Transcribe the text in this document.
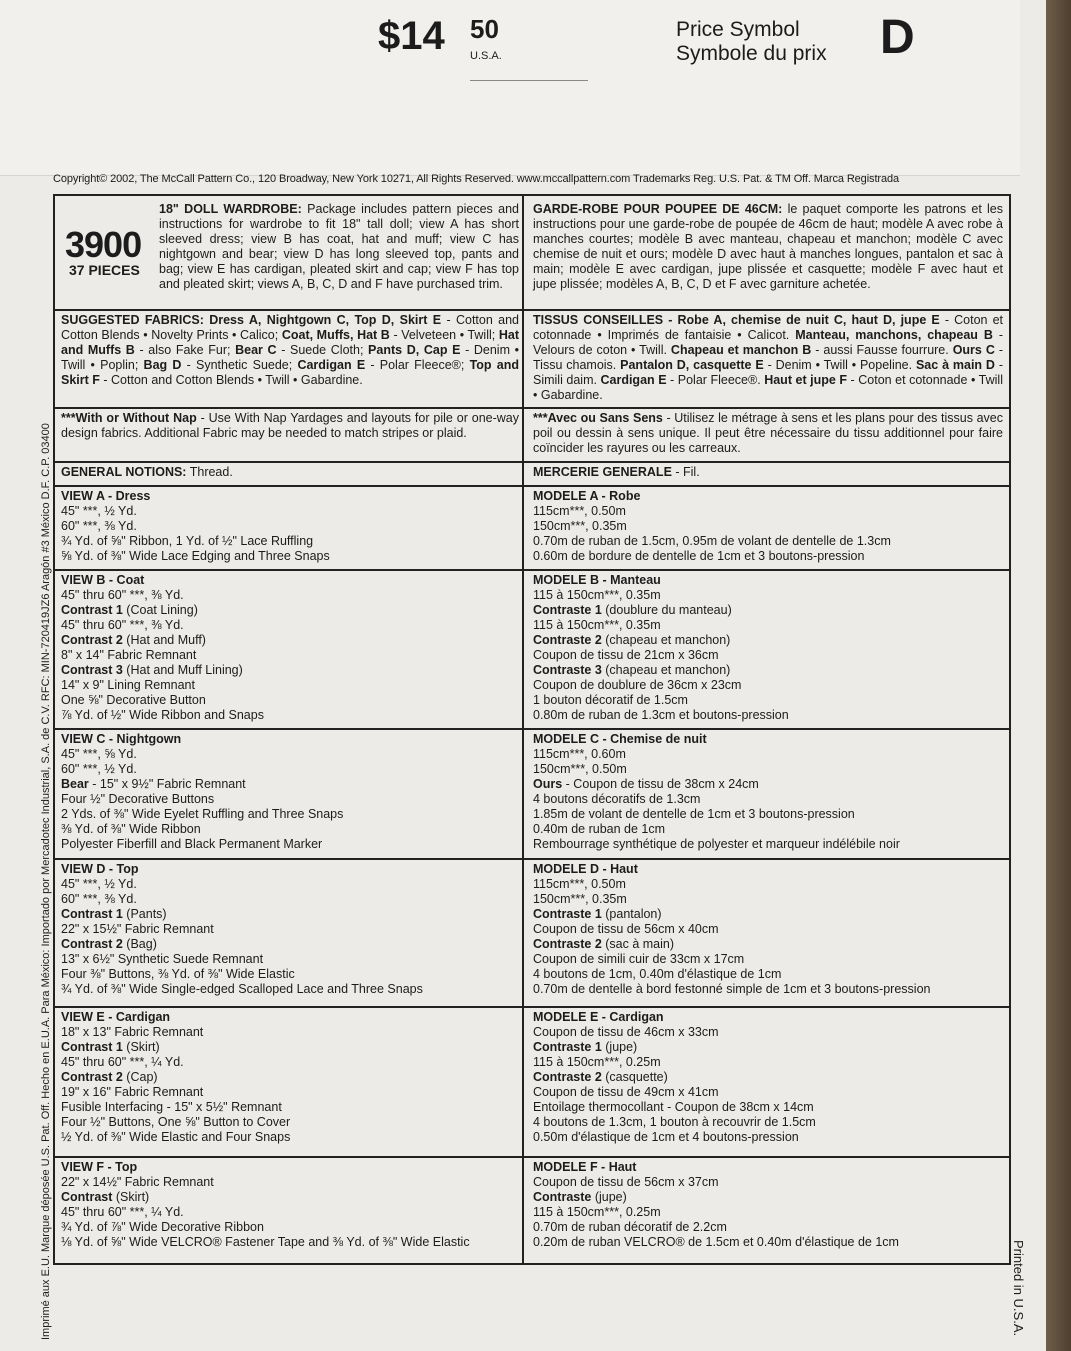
$14 50
U.S.A.
Price Symbol
Symbole du prix D
Copyright© 2002, The McCall Pattern Co., 120 Broadway, New York 10271, All Rights Reserved. www.mccallpattern.com Trademarks Reg. U.S. Pat. & TM Off. Marca Registrada
3900
37 PIECES
18" DOLL WARDROBE: Package includes pattern pieces and instructions for wardrobe to fit 18" tall doll; view A has short sleeved dress; view B has coat, hat and muff; view C has nightgown and bear; view D has long sleeved top, pants and bag; view E has cardigan, pleated skirt and cap; view F has top and pleated skirt; views A, B, C, D and F have purchased trim.
GARDE-ROBE POUR POUPEE DE 46CM: le paquet comporte les patrons et les instructions pour une garde-robe de poupée de 46cm de haut; modèle A avec robe à manches courtes; modèle B avec manteau, chapeau et manchon; modèle C avec chemise de nuit et ours; modèle D avec haut à manches longues, pantalon et sac à main; modèle E avec cardigan, jupe plissée et casquette; modèle F avec haut et jupe plissée; modèles A, B, C, D et F avec garniture achetée.
SUGGESTED FABRICS: Dress A, Nightgown C, Top D, Skirt E - Cotton and Cotton Blends • Novelty Prints • Calico; Coat, Muffs, Hat B - Velveteen • Twill; Hat and Muffs B - also Fake Fur; Bear C - Suede Cloth; Pants D, Cap E - Denim • Twill • Poplin; Bag D - Synthetic Suede; Cardigan E - Polar Fleece®; Top and Skirt F - Cotton and Cotton Blends • Twill • Gabardine.
TISSUS CONSEILLES - Robe A, chemise de nuit C, haut D, jupe E - Coton et cotonnade • Imprimés de fantaisie • Calicot. Manteau, manchons, chapeau B - Velours de coton • Twill. Chapeau et manchon B - aussi Fausse fourrure. Ours C - Tissu chamois. Pantalon D, casquette E - Denim • Twill • Popeline. Sac à main D - Simili daim. Cardigan E - Polar Fleece®. Haut et jupe F - Coton et cotonnade • Twill • Gabardine.
***With or Without Nap - Use With Nap Yardages and layouts for pile or one-way design fabrics. Additional Fabric may be needed to match stripes or plaid.
***Avec ou Sans Sens - Utilisez le métrage à sens et les plans pour des tissus avec poil ou dessin à sens unique. Il peut être nécessaire du tissu additionnel pour faire coïncider les rayures ou les carreaux.
GENERAL NOTIONS: Thread.	MERCERIE GENERALE - Fil.
VIEW A - Dress
45" ***, ½ Yd.
60" ***, ⅜ Yd.
¾ Yd. of ⅝" Ribbon, 1 Yd. of ½" Lace Ruffling
⅝ Yd. of ⅜" Wide Lace Edging and Three Snaps
MODELE A - Robe
115cm***, 0.50m
150cm***, 0.35m
0.70m de ruban de 1.5cm, 0.95m de volant de dentelle de 1.3cm
0.60m de bordure de dentelle de 1cm et 3 boutons-pression
VIEW B - Coat
45" thru 60" ***, ⅜ Yd.
Contrast 1 (Coat Lining)
45" thru 60" ***, ⅜ Yd.
Contrast 2 (Hat and Muff)
8" x 14" Fabric Remnant
Contrast 3 (Hat and Muff Lining)
14" x 9" Lining Remnant
One ⅝" Decorative Button
⅞ Yd. of ½" Wide Ribbon and Snaps
MODELE B - Manteau
115 à 150cm***, 0.35m
Contraste 1 (doublure du manteau)
115 à 150cm***, 0.35m
Contraste 2 (chapeau et manchon)
Coupon de tissu de 21cm x 36cm
Contraste 3 (chapeau et manchon)
Coupon de doublure de 36cm x 23cm
1 bouton décoratif de 1.5cm
0.80m de ruban de 1.3cm et boutons-pression
VIEW C - Nightgown
45" ***, ⅝ Yd.
60" ***, ½ Yd.
Bear - 15" x 9½" Fabric Remnant
Four ½" Decorative Buttons
2 Yds. of ⅜" Wide Eyelet Ruffling and Three Snaps
⅜ Yd. of ⅜" Wide Ribbon
Polyester Fiberfill and Black Permanent Marker
MODELE C - Chemise de nuit
115cm***, 0.60m
150cm***, 0.50m
Ours - Coupon de tissu de 38cm x 24cm
4 boutons décoratifs de 1.3cm
1.85m de volant de dentelle de 1cm et 3 boutons-pression
0.40m de ruban de 1cm
Rembourrage synthétique de polyester et marqueur indélébile noir
VIEW D - Top
45" ***, ½ Yd.
60" ***, ⅜ Yd.
Contrast 1 (Pants)
22" x 15½" Fabric Remnant
Contrast 2 (Bag)
13" x 6½" Synthetic Suede Remnant
Four ⅜" Buttons, ⅜ Yd. of ⅜" Wide Elastic
¾ Yd. of ⅜" Wide Single-edged Scalloped Lace and Three Snaps
MODELE D - Haut
115cm***, 0.50m
150cm***, 0.35m
Contraste 1 (pantalon)
Coupon de tissu de 56cm x 40cm
Contraste 2 (sac à main)
Coupon de simili cuir de 33cm x 17cm
4 boutons de 1cm, 0.40m d'élastique de 1cm
0.70m de dentelle à bord festonné simple de 1cm et 3 boutons-pression
VIEW E - Cardigan
18" x 13" Fabric Remnant
Contrast 1 (Skirt)
45" thru 60" ***, ¼ Yd.
Contrast 2 (Cap)
19" x 16" Fabric Remnant
Fusible Interfacing - 15" x 5½" Remnant
Four ½" Buttons, One ⅝" Button to Cover
½ Yd. of ⅜" Wide Elastic and Four Snaps
MODELE E - Cardigan
Coupon de tissu de 46cm x 33cm
Contraste 1 (jupe)
115 à 150cm***, 0.25m
Contraste 2 (casquette)
Coupon de tissu de 49cm x 41cm
Entoilage thermocollant - Coupon de 38cm x 14cm
4 boutons de 1.3cm, 1 bouton à recouvrir de 1.5cm
0.50m d'élastique de 1cm et 4 boutons-pression
VIEW F - Top
22" x 14½" Fabric Remnant
Contrast (Skirt)
45" thru 60" ***, ¼ Yd.
¾ Yd. of ⅞" Wide Decorative Ribbon
⅛ Yd. of ⅝" Wide VELCRO® Fastener Tape and ⅜ Yd. of ⅜" Wide Elastic
MODELE F - Haut
Coupon de tissu de 56cm x 37cm
Contraste (jupe)
115 à 150cm***, 0.25m
0.70m de ruban décoratif de 2.2cm
0.20m de ruban VELCRO® de 1.5cm et 0.40m d'élastique de 1cm
Imprimé aux E.U. Marque déposée U.S. Pat. Off. Hecho en E.U.A. Para México: Importado por Mercadotec Industrial, S.A. de C.V. RFC: MIN-720419JZ6 Aragón #3 México D.F. C.P. 03400	Printed in U.S.A.
